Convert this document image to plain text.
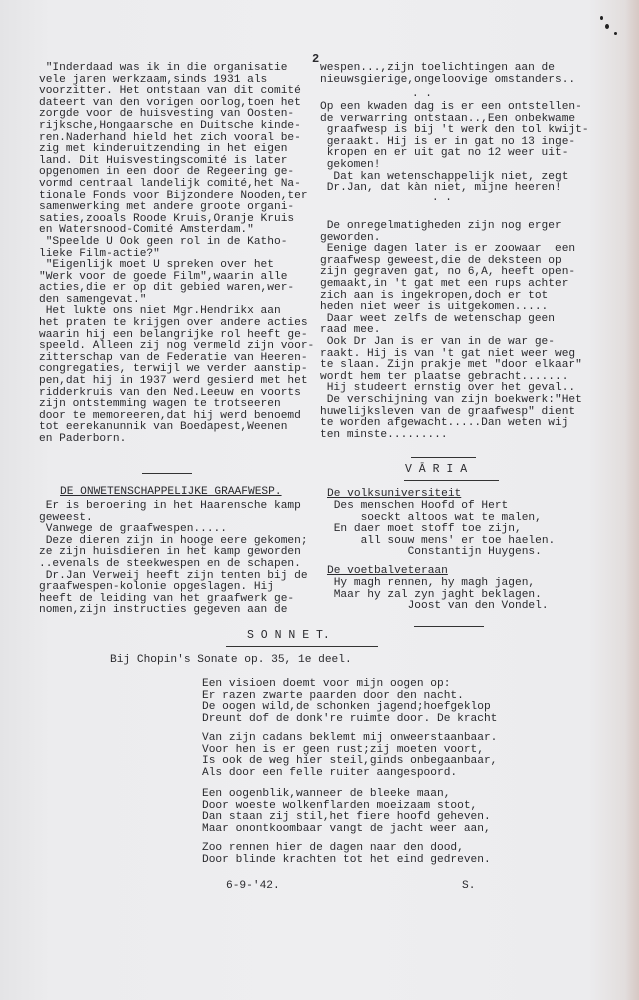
2
"Inderdaad was ik in die organisatie
vele jaren werkzaam,sinds 1931 als
voorzitter. Het ontstaan van dit comité
dateert van den vorigen oorlog,toen het
zorgde voor de huisvesting van Oosten-
rijksche,Hongaarsche en Duitsche kinde-
ren.Naderhand hield het zich vooral be-
zig met kinderuitzending in het eigen
land. Dit Huisvestingscomité is later
opgenomen in een door de Regeering ge-
vormd centraal landelijk comité,het Na-
tionale Fonds voor Bijzondere Nooden,ter
samenwerking met andere groote organi-
saties,zooals Roode Kruis,Oranje Kruis
en Watersnood-Comité Amsterdam."
"Speelde U Ook geen rol in de Katho-
lieke Film-actie?"
"Eigenlijk moet U spreken over het
"Werk voor de goede Film",waarin alle
acties,die er op dit gebied waren,wer-
den samengevat."
Het lukte ons niet Mgr.Hendrikx aan
het praten te krijgen over andere acties
waarin hij een belangrijke rol heeft ge-
speeld. Alleen zij nog vermeld zijn voor-
zitterschap van de Federatie van Heeren-
congregaties, terwijl we verder aanstip-
pen,dat hij in 1937 werd gesierd met het
ridderkruis van den Ned.Leeuw en voorts
zijn ontstemming wagen te trotseeren
door te memoreeren,dat hij werd benoemd
tot eerekanunnik van Boedapest,Weenen
en Paderborn.
wespen...,zijn toelichtingen aan de
nieuwsgierige,ongeloovige omstanders..
. .
Op een kwaden dag is er een ontstellen-
de verwarring ontstaan..,Een onbekwame
graafwesp is bij 't werk den tol kwijt-
geraakt. Hij is er in gat no 13 inge-
kropen en er uit gat no 12 weer uit-
gekomen!
Dat kan wetenschappelijk niet, zegt
Dr.Jan, dat kàn niet, mijne heeren!
. .
De onregelmatigheden zijn nog erger
geworden.
Eenige dagen later is er zoowaar  een
graafwesp geweest,die de deksteen op
zijn gegraven gat, no 6,A, heeft open-
gemaakt,in 't gat met een rups achter
zich aan is ingekropen,doch er tot
heden niet weer is uitgekomen.....
Daar weet zelfs de wetenschap geen
raad mee.
Ook Dr Jan is er van in de war ge-
raakt. Hij is van 't gat niet weer weg
te slaan. Zijn prakje met "door elkaar"
wordt hem ter plaatse gebracht.......
Hij studeert ernstig over het geval..
De verschijning van zijn boekwerk:"Het
huwelijksleven van de graafwesp" dient
te worden afgewacht.....Dan weten wij
ten minste.........
DE ONWETENSCHAPPELIJKE GRAAFWESP.
Er is beroering in het Haarensche kamp
geweest.
Vanwege de graafwespen.....
Deze dieren zijn in hooge eere gekomen;
ze zijn huisdieren in het kamp geworden
..evenals de steekwespen en de schapen.
Dr.Jan Verweij heeft zijn tenten bij de
graafwespen-kolonie opgeslagen. Hij
heeft de leiding van het graafwerk ge-
nomen,zijn instructies gegeven aan de
V Ā R I A
De volksuniversiteit
Des menschen Hoofd of Hert
soeckt altoos wat te malen,
En daer moet stoff toe zijn,
all souw mens' er toe haelen.
Constantijn Huygens.
De voetbalveteraan
Hy magh rennen, hy magh jagen,
Maar hy zal zyn jaght beklagen.
Joost van den Vondel.
S O N N E T.
Bij Chopin's Sonate op. 35, 1e deel.
Een visioen doemt voor mijn oogen op:
Er razen zwarte paarden door den nacht.
De oogen wild,de schonken jagend;hoefgeklop
Dreunt dof de donk're ruimte door. De kracht
Van zijn cadans beklemt mij onweerstaanbaar.
Voor hen is er geen rust;zij moeten voort,
Is ook de weg hier steil,ginds onbegaanbaar,
Als door een felle ruiter aangespoord.
Een oogenblik,wanneer de bleeke maan,
Door woeste wolkenflarden moeizaam stoot,
Dan staan zij stil,het fiere hoofd geheven.
Maar onontkoombaar vangt de jacht weer aan,
Zoo rennen hier de dagen naar den dood,
Door blinde krachten tot het eind gedreven.
6-9-'42.	S.
